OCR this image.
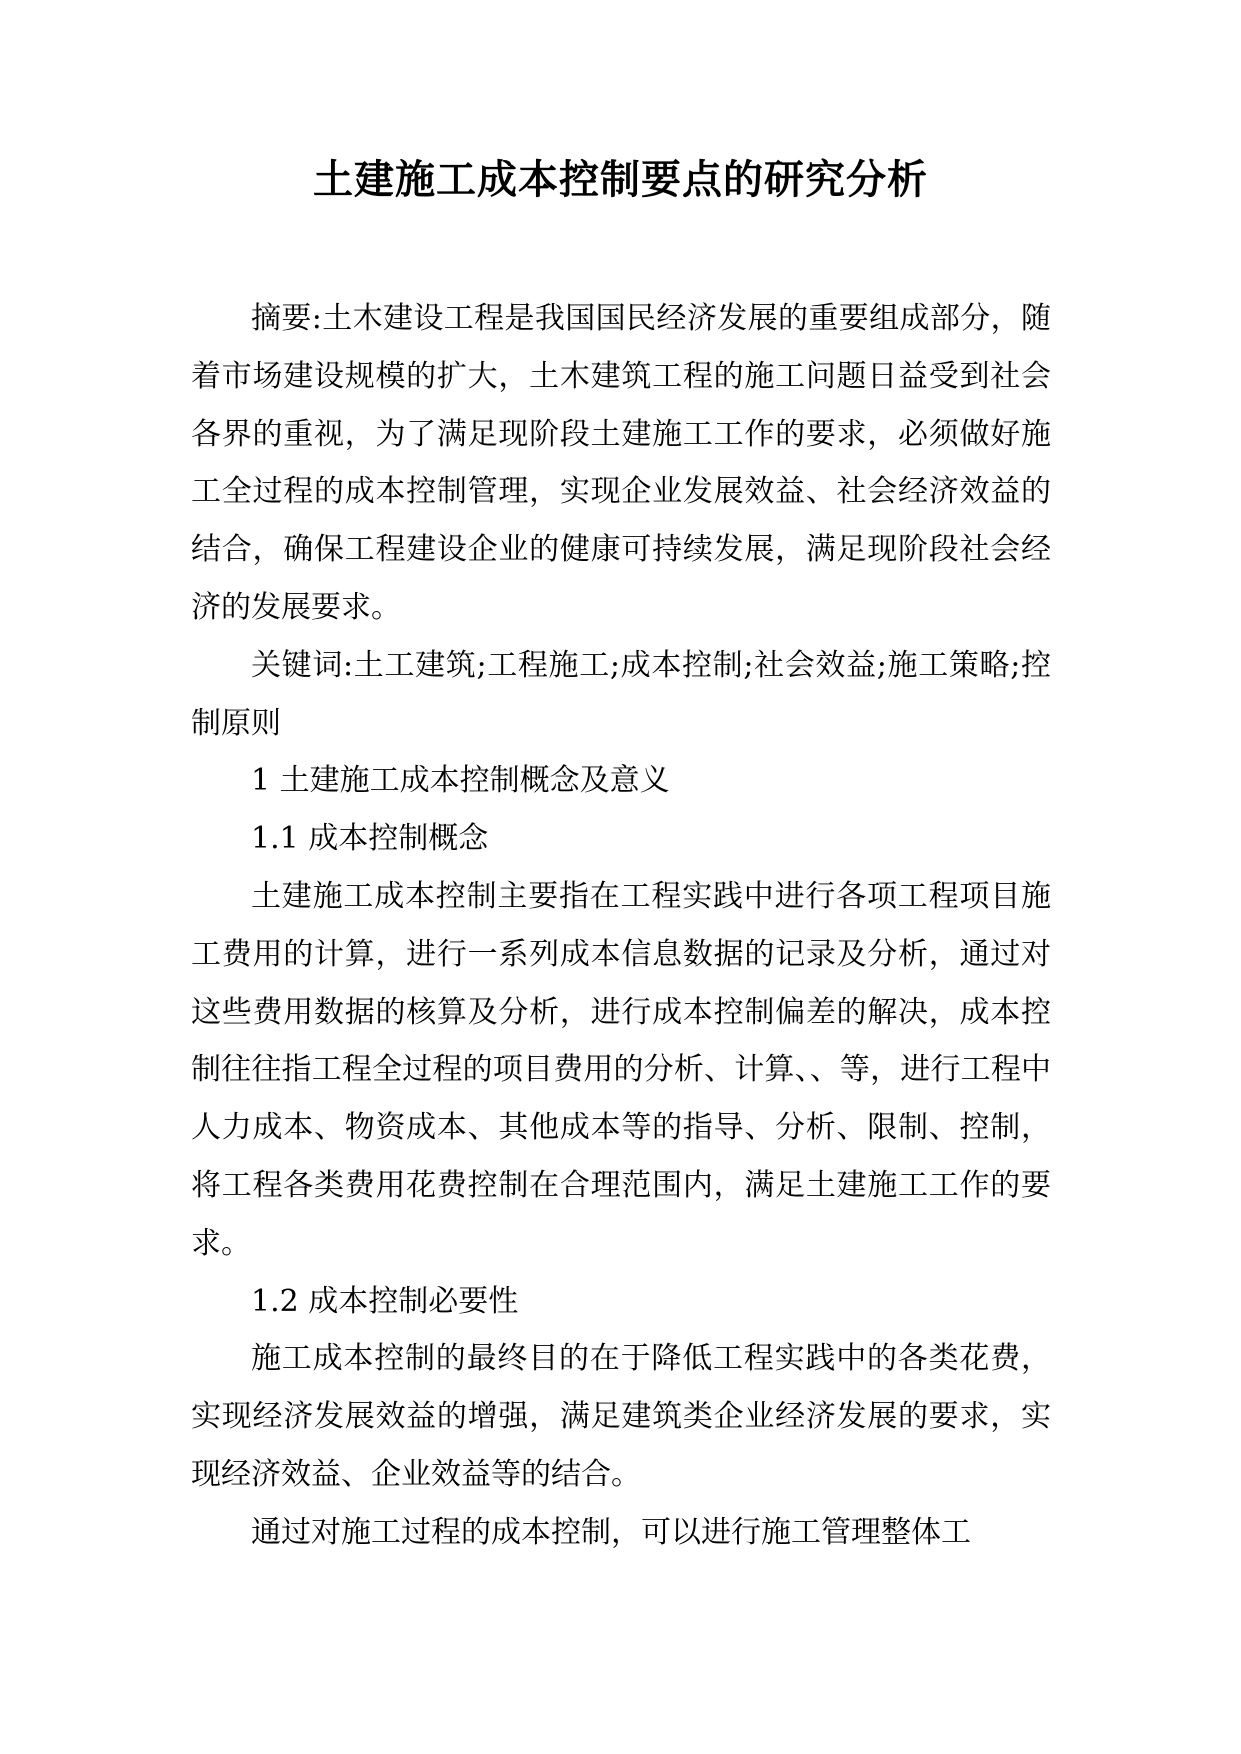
土建施工成本控制要点的研究分析

摘要:土木建设工程是我国国民经济发展的重要组成部分，随着市场建设规模的扩大，土木建筑工程的施工问题日益受到社会各界的重视，为了满足现阶段土建施工工作的要求，必须做好施工全过程的成本控制管理，实现企业发展效益、社会经济效益的结合，确保工程建设企业的健康可持续发展，满足现阶段社会经济的发展要求。

关键词:土工建筑;工程施工;成本控制;社会效益;施工策略;控制原则

1 土建施工成本控制概念及意义

1.1 成本控制概念

土建施工成本控制主要指在工程实践中进行各项工程项目施工费用的计算，进行一系列成本信息数据的记录及分析，通过对这些费用数据的核算及分析，进行成本控制偏差的解决，成本控制往往指工程全过程的项目费用的分析、计算、、等，进行工程中人力成本、物资成本、其他成本等的指导、分析、限制、控制，将工程各类费用花费控制在合理范围内，满足土建施工工作的要求。

1.2 成本控制必要性

施工成本控制的最终目的在于降低工程实践中的各类花费，实现经济发展效益的增强，满足建筑类企业经济发展的要求，实现经济效益、企业效益等的结合。

通过对施工过程的成本控制，可以进行施工管理整体工
